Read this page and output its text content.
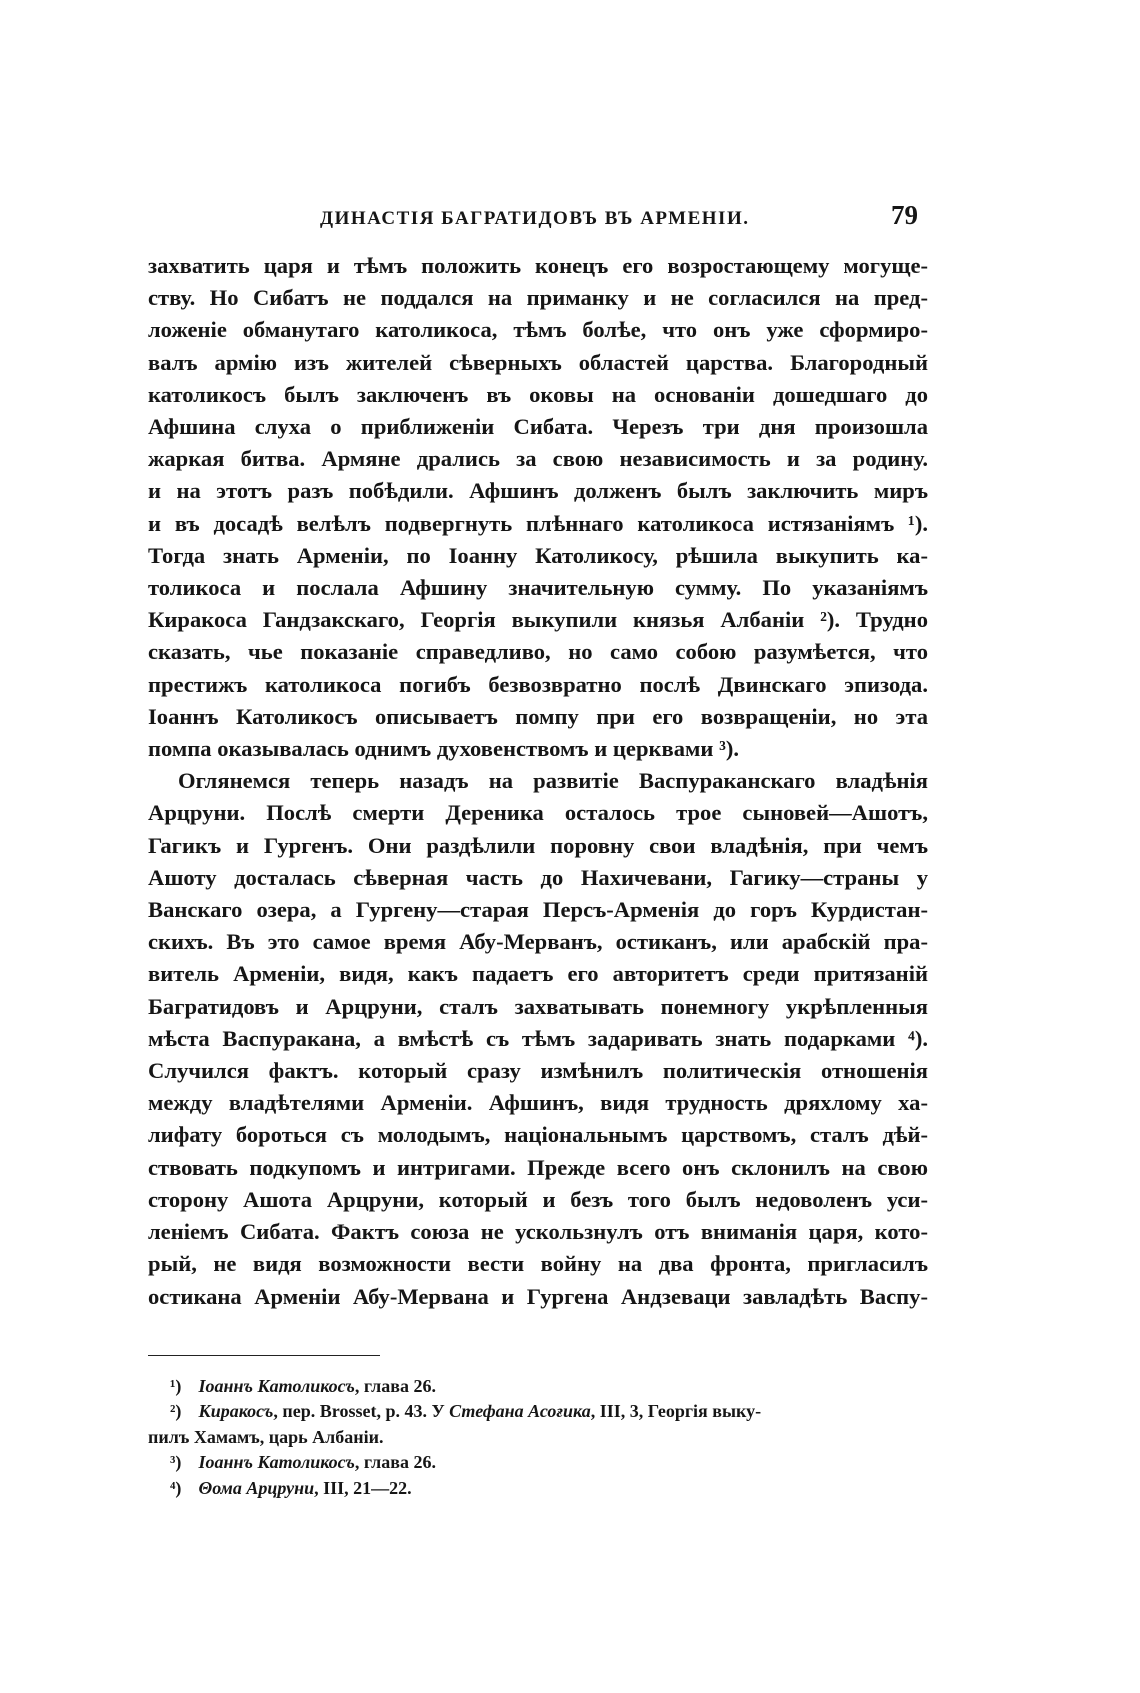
ДИНАСТІЯ БАГРАТИДОВЪ ВЪ АРМЕНІИ.	79
захватить царя и тѣмъ положить конецъ его возростающему могуще-
ству. Но Сибатъ не поддался на приманку и не согласился на пред-
ложеніе обманутаго католикоса, тѣмъ болѣе, что онъ уже сформиро-
валъ армію изъ жителей сѣверныхъ областей царства. Благородный
католикосъ былъ заключенъ въ оковы на основаніи дошедшаго до
Афшина слуха о приближеніи Сибата. Черезъ три дня произошла
жаркая битва. Армяне дрались за свою независимость и за родину.
и на этотъ разъ побѣдили. Афшинъ долженъ былъ заключить миръ
и въ досадѣ велѣлъ подвергнуть плѣннаго католикоса истязаніямъ ¹).
Тогда знать Арменіи, по Іоанну Католикосу, рѣшила выкупить ка-
толикоса и послала Афшину значительную сумму. По указаніямъ
Киракоса Гандзакскаго, Георгія выкупили князья Албаніи ²). Трудно
сказать, чье показаніе справедливо, но само собою разумѣется, что
престижъ католикоса погибъ безвозвратно послѣ Двинскаго эпизода.
Іоаннъ Католикосъ описываетъ помпу при его возвращеніи, но эта
помпа оказывалась однимъ духовенствомъ и церквами ³).
Оглянемся теперь назадъ на развитіе Васпураканскаго владѣнія
Арцруни. Послѣ смерти Дереника осталось трое сыновей—Ашотъ,
Гагикъ и Гургенъ. Они раздѣлили поровну свои владѣнія, при чемъ
Ашоту досталась сѣверная часть до Нахичевани, Гагику—страны у
Ванскаго озера, а Гургену—старая Перcъ-Арменія до горъ Курдистан-
скихъ. Въ это самое время Абу-Мерванъ, остиканъ, или арабскій пра-
витель Арменіи, видя, какъ падаетъ его авторитетъ среди притязаній
Багратидовъ и Арцруни, сталъ захватывать понемногу укрѣпленныя
мѣста Васпуракана, а вмѣстѣ съ тѣмъ задаривать знать подарками ⁴).
Случился фактъ. который сразу измѣнилъ политическія отношенія
между владѣтелями Арменіи. Афшинъ, видя трудность дряхлому ха-
лифату бороться съ молодымъ, національнымъ царствомъ, сталъ дѣй-
ствовать подкупомъ и интригами. Прежде всего онъ склонилъ на свою
сторону Ашота Арцруни, который и безъ того былъ недоволенъ уси-
леніемъ Сибата. Фактъ союза не ускользнулъ отъ вниманія царя, кото-
рый, не видя возможности вести войну на два фронта, пригласилъ
остикана Арменіи Абу-Мервана и Гургена Андзеваци завладѣть Васпу-
¹) Іоаннъ Католикосъ, глава 26.
²) Киракосъ, пер. Brosset, p. 43. У Стефана Асоғика, III, 3, Георгія выку-
пилъ Хамамъ, царь Албаніи.
³) Іоаннъ Католикосъ, глава 26.
⁴) Θома Арцруни, III, 21—22.
